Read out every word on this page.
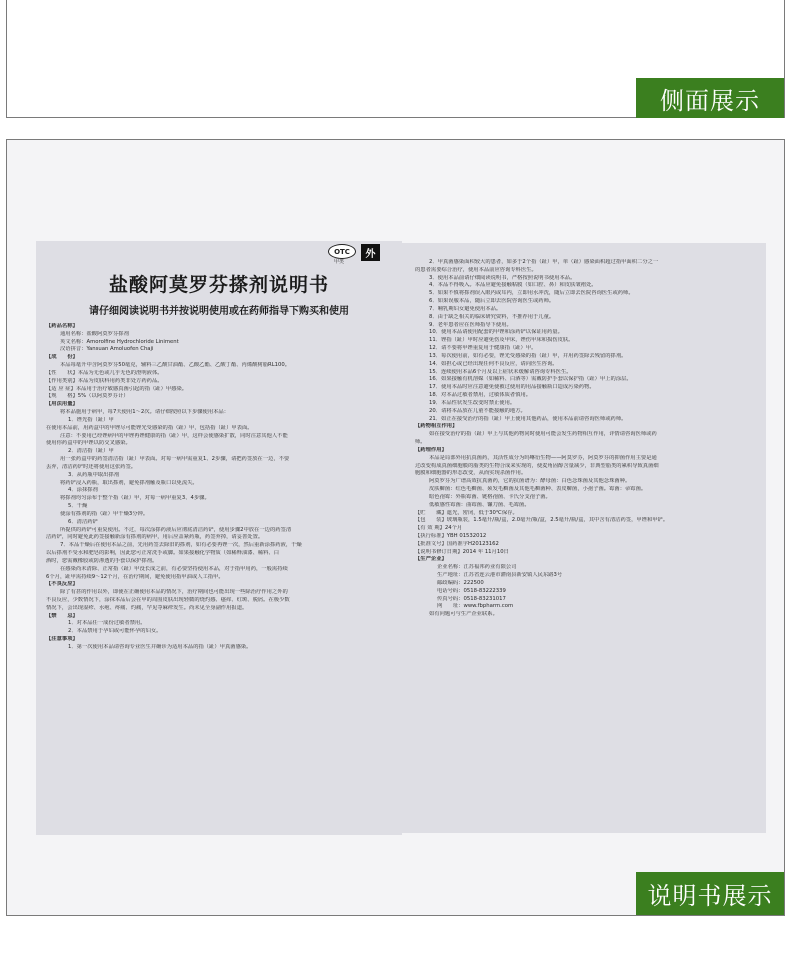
侧面展示
OTC
甲类
外
盐酸阿莫罗芬搽剂说明书
请仔细阅读说明书并按说明使用或在药师指导下购买和使用
【药品名称】
通用名称：盐酸阿莫罗芬搽剂
英文名称：Amorolfine Hydrochloride Liniment
汉语拼音：Yansuan Amoluofen Chaji
【成　　份】
本品每毫升中含阿莫罗芬50毫克，辅料三乙酸甘油酯、乙酸乙酯、乙酸丁酯、丙烯酸树脂RL100。
【性　　状】本品为无色或几乎无色的澄明液体。
【作用类别】本品为皮肤科用药类非处方药药品。
【适 应 症】本品用于治疗敏感真菌引起的指（趾）甲感染。
【规　　格】5%（以阿莫罗芬计）
【用法用量】
将本品施用于病甲，每7天使用1～2次。请仔细按照以下步骤使用本品：
1．锉光指（趾）甲
在使用本品前，用药盒中的甲锉尽可能锉光受感染的指（趾）甲，包括指（趾）甲表面。
注意：不要用已经锉病甲的甲锉再锉健康的指（趾）甲，这样会使感染扩散，同时注意其他人不能
使用你药盒中的甲锉以防交叉感染。
2．清洁指（趾）甲
用一张药盒中的药签清洁指（趾）甲表面。对每一病甲需重复1、2步骤，请把药签放在一边，不要
丢弃，清洁药铲时还将使用这张药签。
3．从药瓶中取出搽剂
将药铲浸入药瓶，取出搽剂，避免搽剂触及瓶口以免流失。
4．涂抹搽剂
将搽剂均匀涂布于整个指（趾）甲，对每一病甲重复3、4步骤。
5．干燥
使涂有搽剂的指（趾）甲干燥3分钟。
6．清洁药铲
所提供的药铲可重复使用。不过，每次涂搽药液后应彻底清洁药铲，使用步骤2中放在一边的药签清
洁药铲，同时避免此药签接触新涂有搽剂的病甲，用后应盖紧药瓶，药签弃掉，请妥善处置。
7．本品干燥后在使用本品之前，先用药签去除旧的搽剂，如有必要再锉一次，然后重新涂搽药液，干燥
以后搽剂不受水和肥皂的影响，因此您可正常洗手或脚。如果接触化学物质（如稀释油漆、稀料、白
酒时，您需戴橡胶或防渗透的手套以保护搽剂。
在感染尚未清除、正常指（趾）甲没长成之前，有必要坚持使用本品，对于指甲用药，一般需持续
6个月，趾甲需持续9～12个月，在治疗期间，避免使用指甲油或人工指甲。
【不良反应】
除了有甚的作用以外，即使在正确使用本品的情况下，治疗期间也可能出现一些除治疗作用之外的
不良反应，少数情况下，涂抹本品后会在甲的周围皮肤出现轻微的烧灼感、瘙痒、红斑、脱屑。在极少数
情况下，会出现湿疹、水疱、疼痛、灼痛，罕见荨麻疹发生。尚未见全身副作用报道。
【禁　　忌】
1．对本品任一成份过敏者禁用。
2．本品禁用于孕妇或可能怀孕的妇女。
【注意事项】
1．第一次使用本品请咨询专业医生并确诊为适用本品的指（趾）甲真菌感染。
2．甲真菌感染面积较大的患者，如多于2个指（趾）甲，单（趾）感染面积超过指甲面积二分之一
的患者需要综合治疗，使用本品前应咨询专科医生。
3．使用本品前请仔细阅读说明书，严格按照说明书使用本品。
4．本品不得吸入。本品应避免接触粘膜（如口腔、鼻）和皮肤皱褶处。
5．如果不慎将搽剂误入眼内或耳内，立即用水冲洗，随后立即去医院咨询医生或药师。
6．如果误服本品，随后立即去医院咨询医生或药师。
7．哺乳期妇女避免使用本品。
8．由于缺乏相关的临床研究资料，不推荐用于儿童。
9．老年患者应在医师指导下使用。
10．使用本品请使用配套的甲锉和涂药铲以保证用药量。
11．锉指（趾）甲时应避免伤及甲床，锉伤甲床和损伤皮肤。
12．请不要将甲锉重复用于健康指（趾）甲。
13．每次使用前，如有必要，锉光受感染的指（趾）甲，并用药签除去残留的搽剂。
14．如担心或已经出现任何不良反应，请向医生咨询。
15．连续使用本品6个月及以上症状未缓解请咨询专科医生。
16．如果接触有机溶媒（如稀料、白酒等）需戴防护手套以保护指（趾）甲上的涂层。
17．使用本品时应注意避免使被过使用的用品接触瓶口造成污染药物。
18．对本品过敏者禁用，过敏体质者慎用。
19．本品性状发生改变时禁止使用。
20．请将本品放在儿童不能接触的地方。
21．如正在接受治疗的指（趾）甲上使用其他药品，使用本品前请咨询医师或药师。
【药物相互作用】
如在接受治疗的指（趾）甲上与其他药物同时使用可能会发生药物相互作用，详情请咨询医师或药
师。
【药理作用】
本品是局部外用抗真菌药，其活性成分为吗啉衍生物——阿莫罗芬，阿莫罗芬的抑菌作用主要是通
过改变构成真菌细胞膜的脂类的生物合成来实现的，使麦角固醇含量减少，非典型脂类的累积导致真菌细
胞膜和细胞器的形态改变，从而实现杀菌作用。
阿莫罗芬为广谱高效抗真菌药，它的抗菌谱为：酵母菌：白色念珠菌及其他念珠菌种。
皮肤癣菌：红色毛癣菌、须发毛癣菌及其他毛癣菌种、表皮癣菌，小孢子菌。霉菌：帚霉菌。
暗色孢霉：外瓶霉菌、链格孢菌、卡氏分支孢子菌。
低敏感性霉菌：曲霉菌、镰刀菌、毛霉菌。
【贮　　藏】遮光，密闭，低于30℃保存。
【包　　装】玻璃瓶装，1.5毫升/瓶/盒，2.0毫升/瓶/盒，2.5毫升/瓶/盒，其中含有清洁药签，甲锉和甲铲。
【有 效 期】24个月
【执行标准】YBH 01532012
【批准文号】国药准字H20123162
【说明书修订日期】2014 年 11月10日
【生产企业】
企业名称：江苏福邦药业有限公司
生产地址：江苏省连云港市灌南县新安镇人民东路3号
邮政编码：222500
电话号码：0518-83222339
传真号码：0518-83231017
网　　址：www.fbpharm.com
如有问题可与生产企业联系。
说明书展示
